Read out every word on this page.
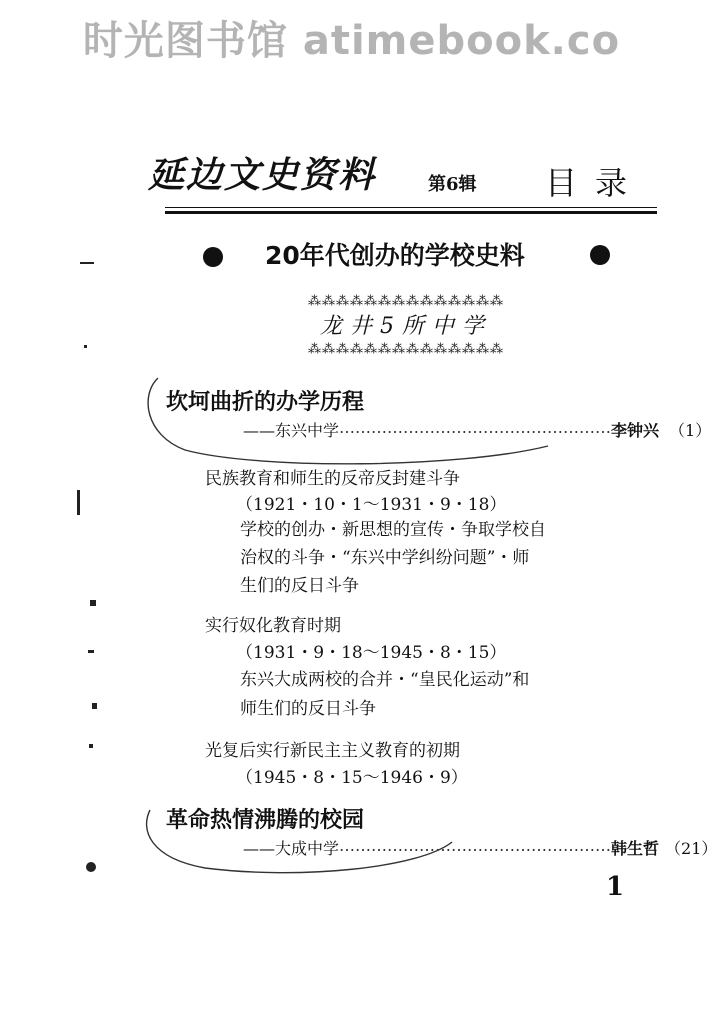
时光图书馆 atimebook.co
延边文史资料	第6辑 目录
20年代创办的学校史料
⁂⁂⁂⁂⁂⁂⁂⁂⁂⁂⁂⁂⁂⁂
龙井5所中学
⁂⁂⁂⁂⁂⁂⁂⁂⁂⁂⁂⁂⁂⁂
坎坷曲折的办学历程
——东兴中学 …………………………………………… 李钟兴 （1）
民族教育和师生的反帝反封建斗争
（1921・10・1～1931・9・18）
学校的创办・新思想的宣传・争取学校自
治权的斗争・“东兴中学纠纷问题”・师
生们的反日斗争
实行奴化教育时期
（1931・9・18～1945・8・15）
东兴大成两校的合并・“皇民化运动”和
师生们的反日斗争
光复后实行新民主主义教育的初期
（1945・8・15～1946・9）
革命热情沸腾的校园
——大成中学 …………………………………………… 韩生哲 （21）
1
